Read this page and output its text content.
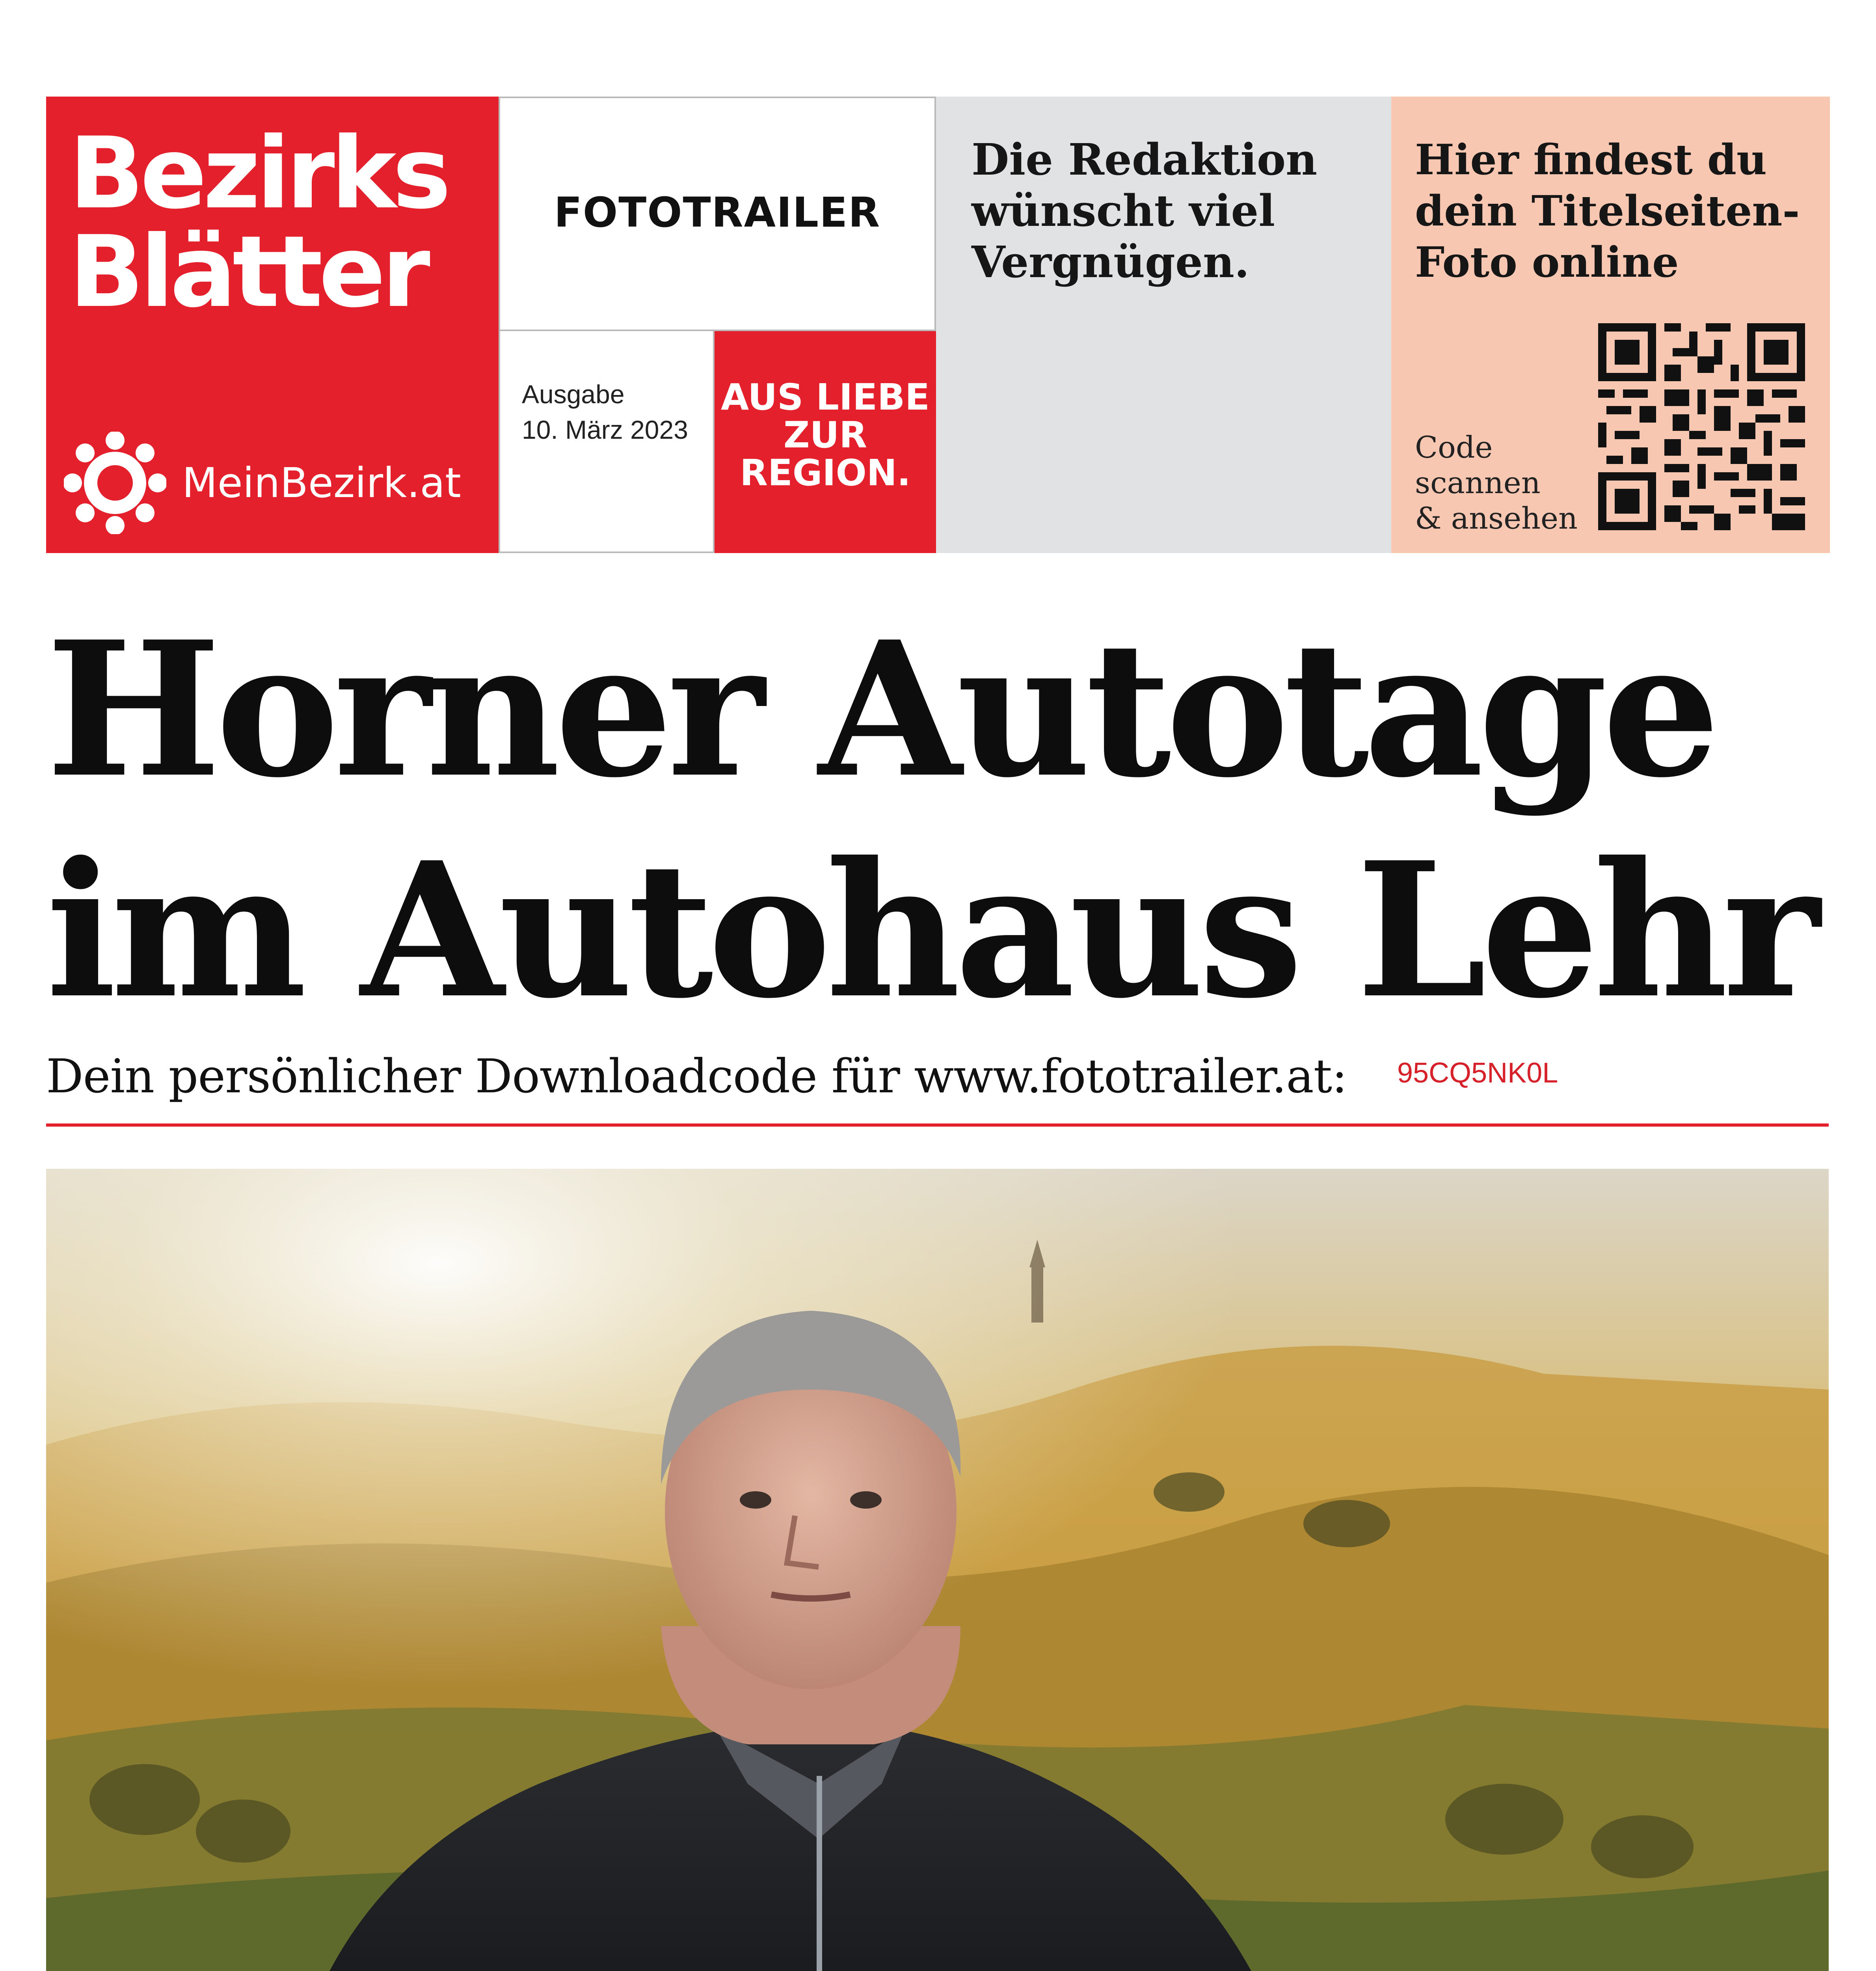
Bezirks
Blätter
MeinBezirk.at
FOTOTRAILER
Ausgabe
10. März 2023
AUS LIEBE
ZUR
REGION.
Die Redaktion
wünscht viel
Vergnügen.
Hier findest du
dein Titelseiten-
Foto online
Code
scannen
& ansehen
Horner Autotage
im Autohaus Lehr
Dein persönlicher Downloadcode für www.fototrailer.at: 95CQ5NK0L
